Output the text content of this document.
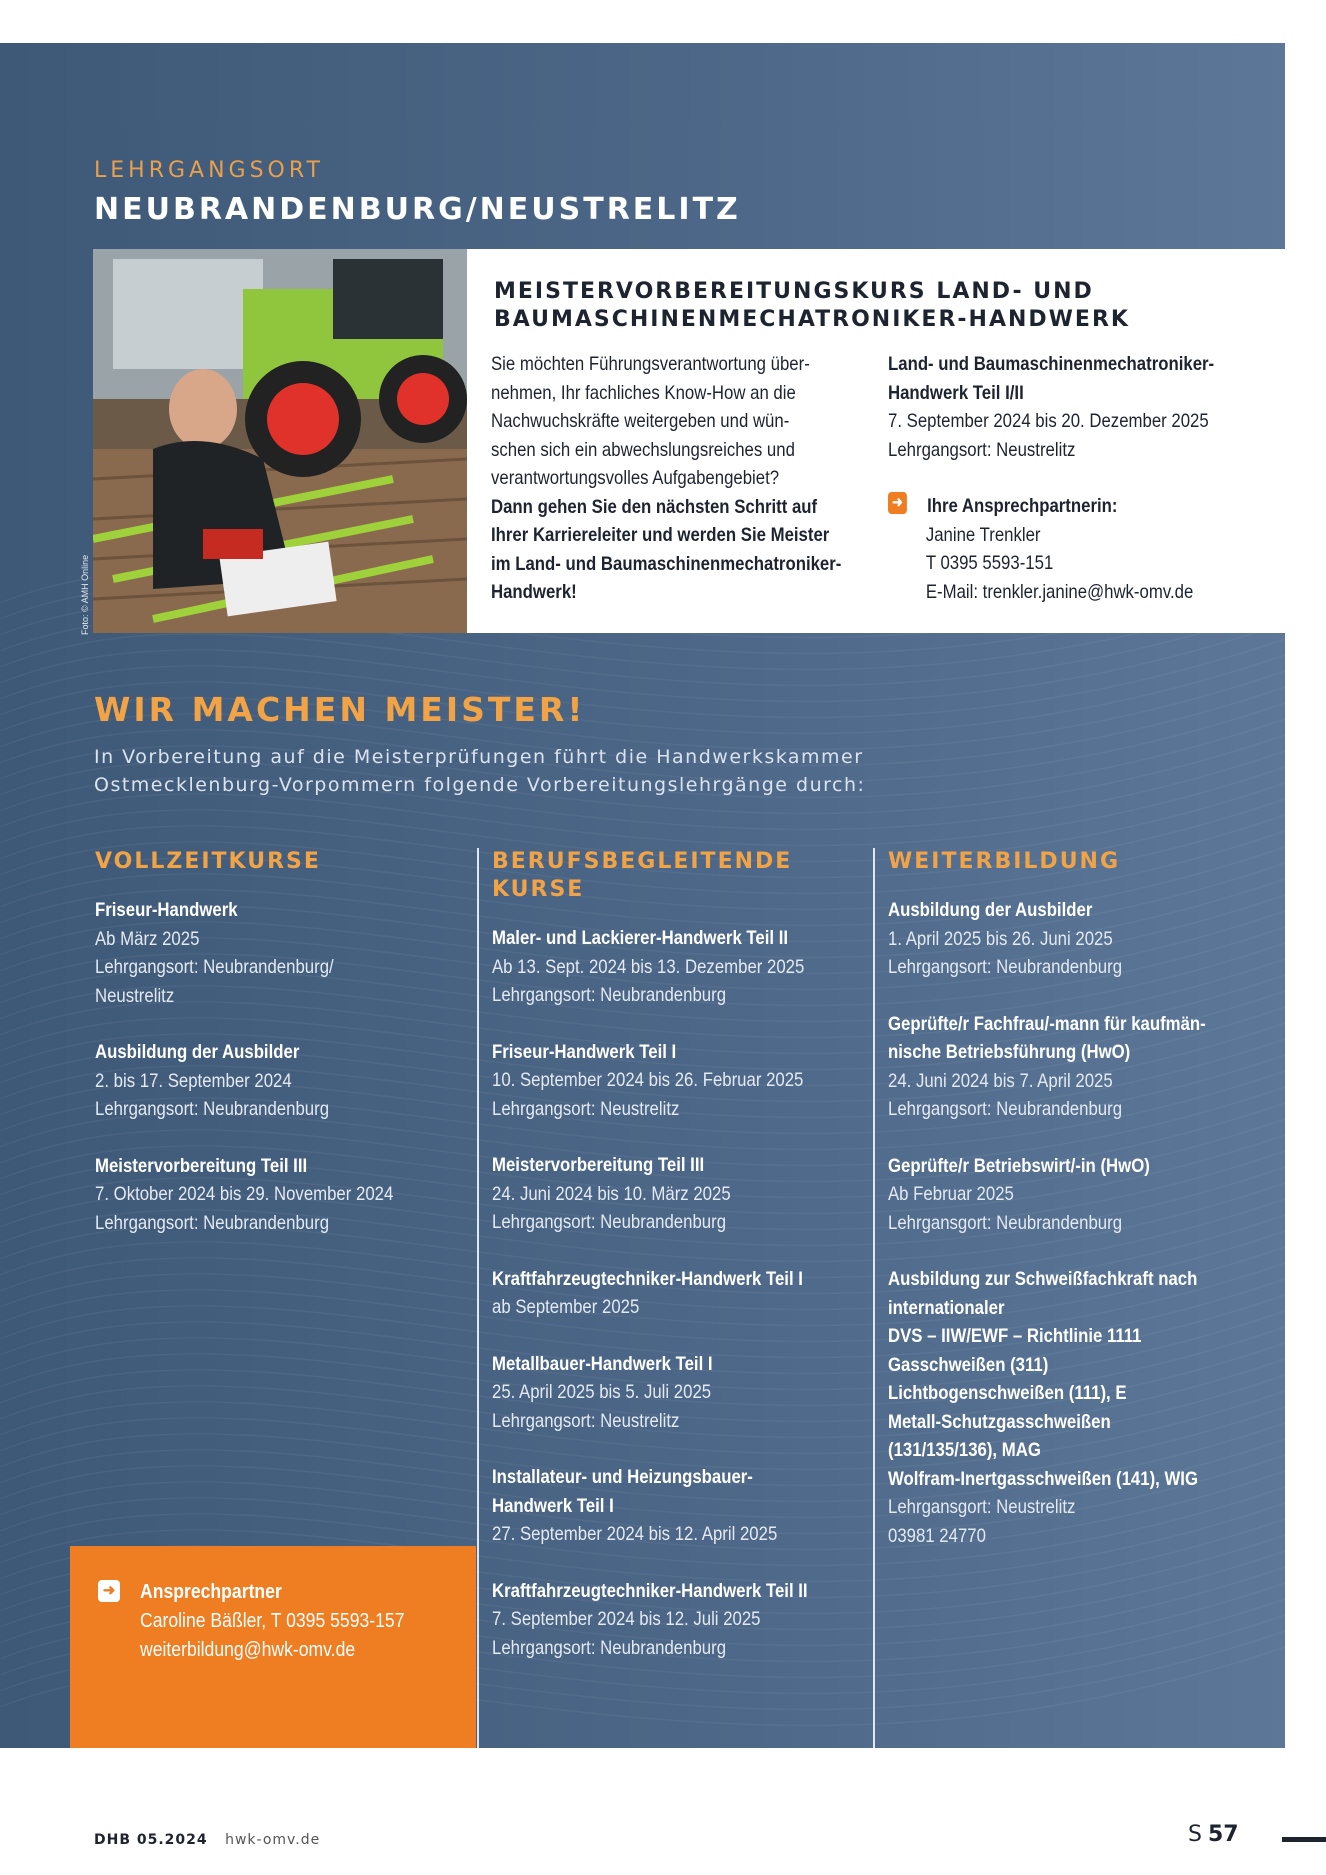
LEHRGANGSORT
NEUBRANDENBURG/NEUSTRELITZ
Foto: © AMH Online
MEISTERVORBEREITUNGSKURS LAND- UND
BAUMASCHINENMECHATRONIKER-HANDWERK
Sie möchten Führungsverantwortung über-
nehmen, Ihr fachliches Know-How an die
Nachwuchskräfte weitergeben und wün-
schen sich ein abwechslungsreiches und
verantwortungsvolles Aufgabengebiet?
Dann gehen Sie den nächsten Schritt auf
Ihrer Karriereleiter und werden Sie Meister
im Land- und Baumaschinenmechatroniker-
Handwerk!
Land- und Baumaschinenmechatroniker-
Handwerk Teil I/II
7. September 2024 bis 20. Dezember 2025
Lehrgangsort: Neustrelitz
➜ Ihre Ansprechpartnerin:
Janine Trenkler
T 0395 5593-151
E-Mail: trenkler.janine@hwk-omv.de
WIR MACHEN MEISTER!
In Vorbereitung auf die Meisterprüfungen führt die Handwerkskammer
Ostmecklenburg-Vorpommern folgende Vorbereitungslehrgänge durch:
VOLLZEITKURSE
Friseur-Handwerk
Ab März 2025
Lehrgangsort: Neubrandenburg/
Neustrelitz
Ausbildung der Ausbilder
2. bis 17. September 2024
Lehrgangsort: Neubrandenburg
Meistervorbereitung Teil III
7. Oktober 2024 bis 29. November 2024
Lehrgangsort: Neubrandenburg
BERUFSBEGLEITENDE KURSE
Maler- und Lackierer-Handwerk Teil II
Ab 13. Sept. 2024 bis 13. Dezember 2025
Lehrgangsort: Neubrandenburg
Friseur-Handwerk Teil I
10. September 2024 bis 26. Februar 2025
Lehrgangsort: Neustrelitz
Meistervorbereitung Teil III
24. Juni 2024 bis 10. März 2025
Lehrgangsort: Neubrandenburg
Kraftfahrzeugtechniker-Handwerk Teil I
ab September 2025
Metallbauer-Handwerk Teil I
25. April 2025 bis 5. Juli 2025
Lehrgangsort: Neustrelitz
Installateur- und Heizungsbauer-
Handwerk Teil I
27. September 2024 bis 12. April 2025
Kraftfahrzeugtechniker-Handwerk Teil II
7. September 2024 bis 12. Juli 2025
Lehrgangsort: Neubrandenburg
WEITERBILDUNG
Ausbildung der Ausbilder
1. April 2025 bis 26. Juni 2025
Lehrgangsort: Neubrandenburg
Geprüfte/r Fachfrau/-mann für kaufmän-
nische Betriebsführung (HwO)
24. Juni 2024 bis 7. April 2025
Lehrgangsort: Neubrandenburg
Geprüfte/r Betriebswirt/-in (HwO)
Ab Februar 2025
Lehrgansgort: Neubrandenburg
Ausbildung zur Schweißfachkraft nach
internationaler
DVS – IIW/EWF – Richtlinie 1111
Gasschweißen (311)
Lichtbogenschweißen (111), E
Metall-Schutzgasschweißen
(131/135/136), MAG
Wolfram-Inertgasschweißen (141), WIG
Lehrgansgort: Neustrelitz
03981 24770
➜ Ansprechpartner
Caroline Bäßler, T 0395 5593-157
weiterbildung@hwk-omv.de
DHB 05.2024 hwk-omv.de	S 57
